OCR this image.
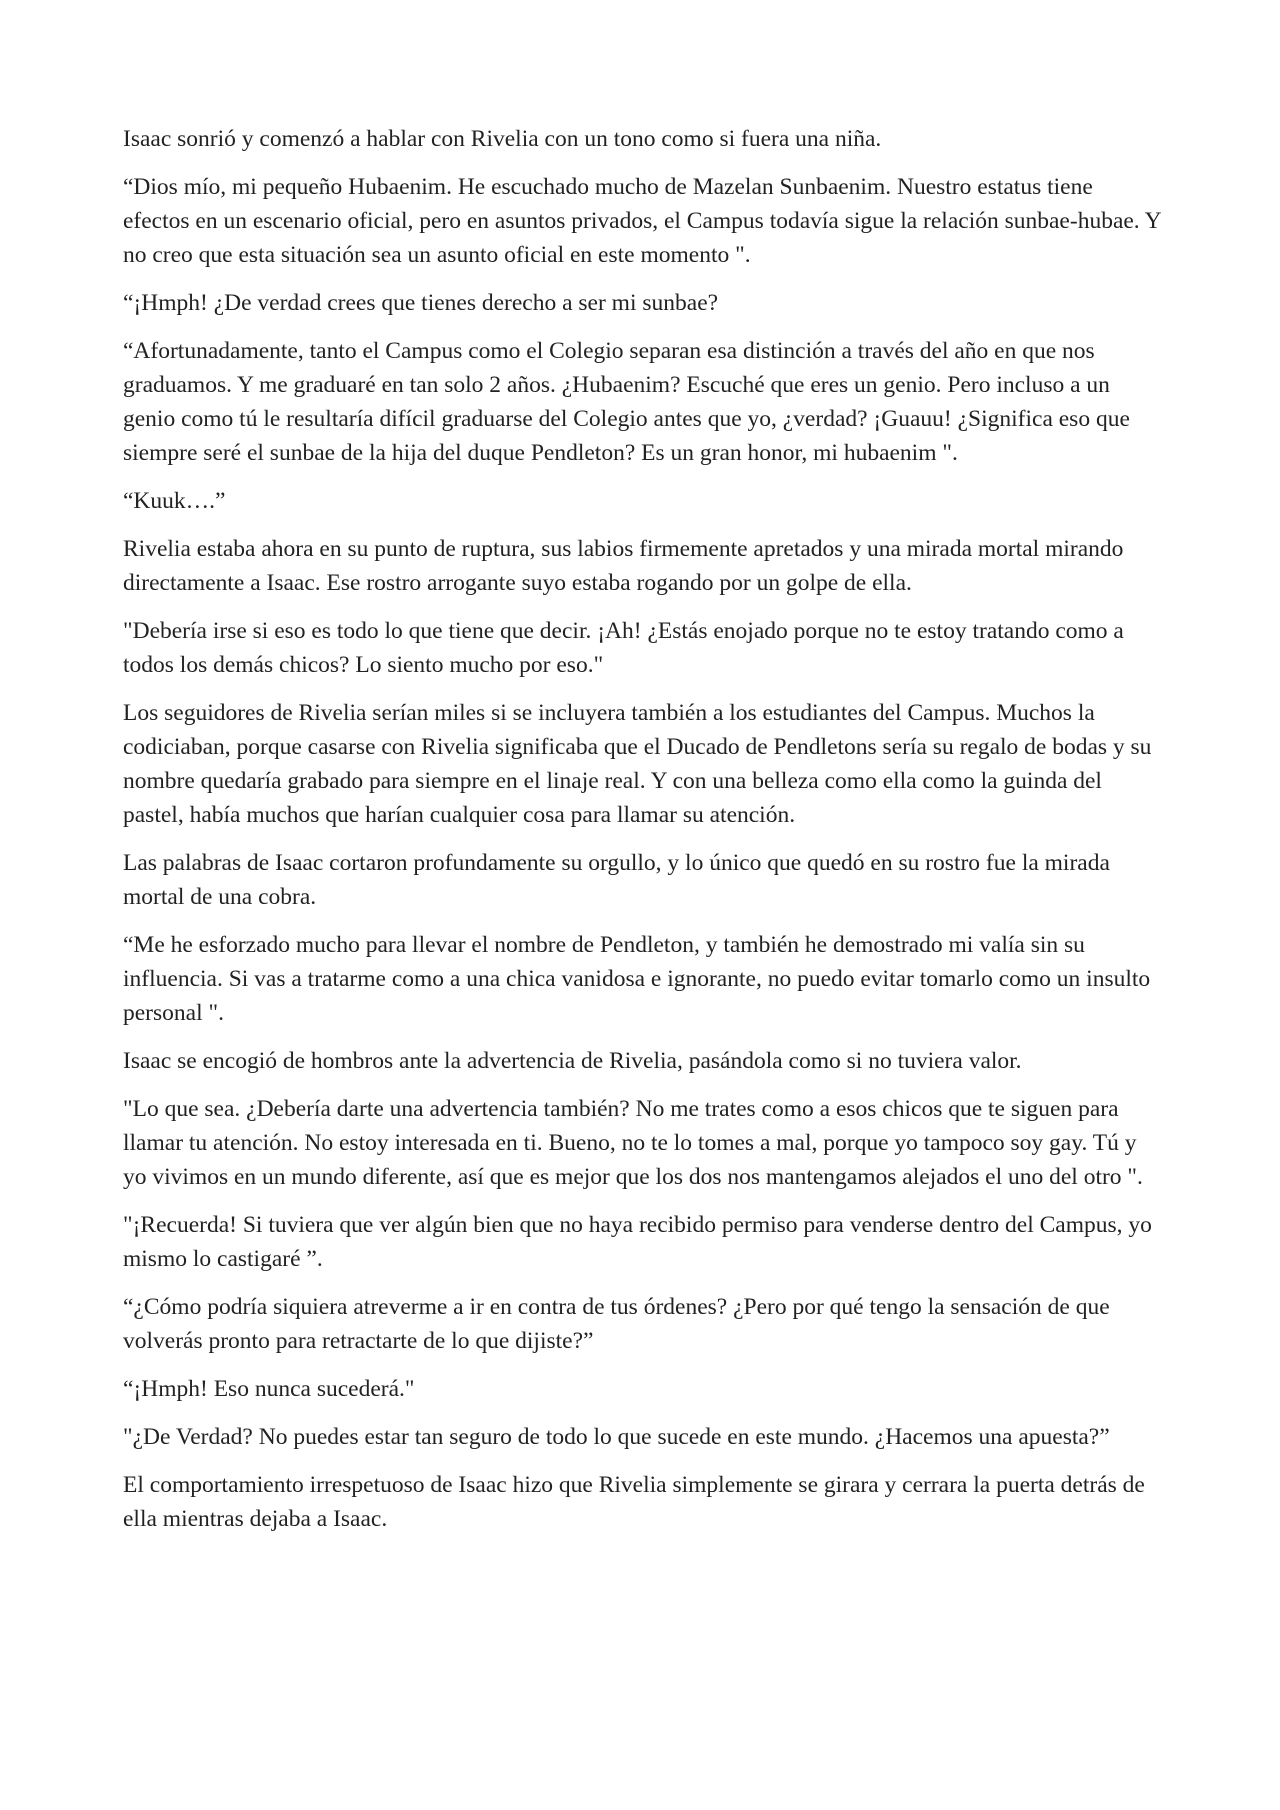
Isaac sonrió y comenzó a hablar con Rivelia con un tono como si fuera una niña.

“Dios mío, mi pequeño Hubaenim. He escuchado mucho de Mazelan Sunbaenim. Nuestro estatus tiene efectos en un escenario oficial, pero en asuntos privados, el Campus todavía sigue la relación sunbae-hubae. Y no creo que esta situación sea un asunto oficial en este momento ".

“¡Hmph! ¿De verdad crees que tienes derecho a ser mi sunbae?

“Afortunadamente, tanto el Campus como el Colegio separan esa distinción a través del año en que nos graduamos. Y me graduaré en tan solo 2 años. ¿Hubaenim? Escuché que eres un genio. Pero incluso a un genio como tú le resultaría difícil graduarse del Colegio antes que yo, ¿verdad? ¡Guauu! ¿Significa eso que siempre seré el sunbae de la hija del duque Pendleton? Es un gran honor, mi hubaenim ".

“Kuuk….”

Rivelia estaba ahora en su punto de ruptura, sus labios firmemente apretados y una mirada mortal mirando directamente a Isaac. Ese rostro arrogante suyo estaba rogando por un golpe de ella.

"Debería irse si eso es todo lo que tiene que decir. ¡Ah! ¿Estás enojado porque no te estoy tratando como a todos los demás chicos? Lo siento mucho por eso."

Los seguidores de Rivelia serían miles si se incluyera también a los estudiantes del Campus. Muchos la codiciaban, porque casarse con Rivelia significaba que el Ducado de Pendletons sería su regalo de bodas y su nombre quedaría grabado para siempre en el linaje real. Y con una belleza como ella como la guinda del pastel, había muchos que harían cualquier cosa para llamar su atención.

Las palabras de Isaac cortaron profundamente su orgullo, y lo único que quedó en su rostro fue la mirada mortal de una cobra.

“Me he esforzado mucho para llevar el nombre de Pendleton, y también he demostrado mi valía sin su influencia. Si vas a tratarme como a una chica vanidosa e ignorante, no puedo evitar tomarlo como un insulto personal ".

Isaac se encogió de hombros ante la advertencia de Rivelia, pasándola como si no tuviera valor.

"Lo que sea. ¿Debería darte una advertencia también? No me trates como a esos chicos que te siguen para llamar tu atención. No estoy interesada en ti. Bueno, no te lo tomes a mal, porque yo tampoco soy gay. Tú y yo vivimos en un mundo diferente, así que es mejor que los dos nos mantengamos alejados el uno del otro ".

"¡Recuerda! Si tuviera que ver algún bien que no haya recibido permiso para venderse dentro del Campus, yo mismo lo castigaré ”.

“¿Cómo podría siquiera atreverme a ir en contra de tus órdenes? ¿Pero por qué tengo la sensación de que volverás pronto para retractarte de lo que dijiste?”

“¡Hmph! Eso nunca sucederá."

"¿De Verdad? No puedes estar tan seguro de todo lo que sucede en este mundo. ¿Hacemos una apuesta?”

El comportamiento irrespetuoso de Isaac hizo que Rivelia simplemente se girara y cerrara la puerta detrás de ella mientras dejaba a Isaac.
